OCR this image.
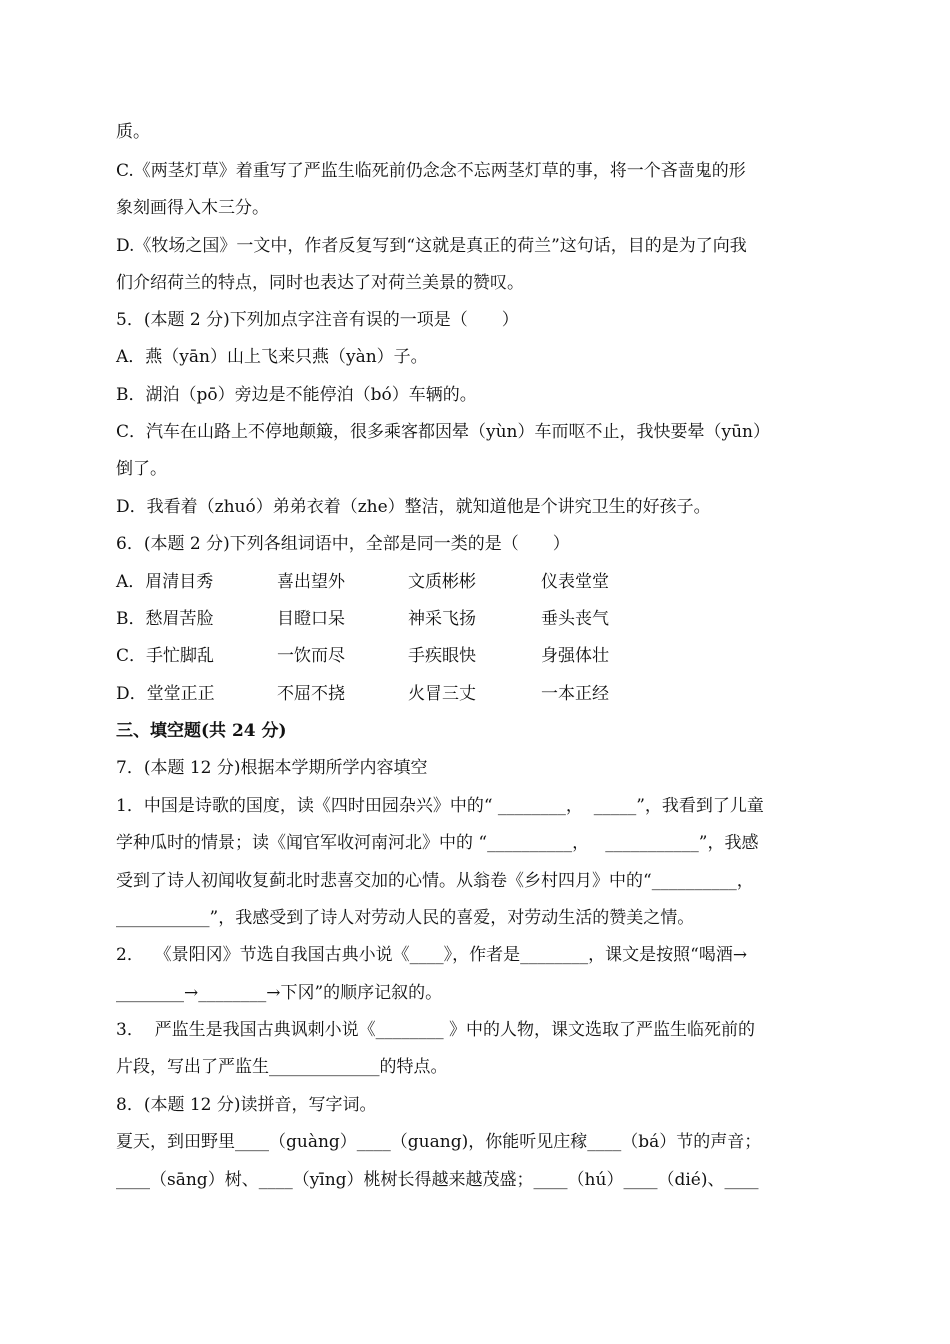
质。
C.《两茎灯草》着重写了严监生临死前仍念念不忘两茎灯草的事，将一个吝啬鬼的形
象刻画得入木三分。
D.《牧场之国》一文中，作者反复写到“这就是真正的荷兰”这句话，目的是为了向我
们介绍荷兰的特点，同时也表达了对荷兰美景的赞叹。
5．(本题 2 分)下列加点字注音有误的一项是（　　）
A．燕（yān）山上飞来只燕（yàn）子。
B．湖泊（pō）旁边是不能停泊（bó）车辆的。
C．汽车在山路上不停地颠簸，很多乘客都因晕（yùn）车而呕不止，我快要晕（yūn）
倒了。
D．我看着（zhuó）弟弟衣着（zhe）整洁，就知道他是个讲究卫生的好孩子。
6．(本题 2 分)下列各组词语中，全部是同一类的是（　　）
A．眉清目秀	喜出望外	文质彬彬	仪表堂堂
B．愁眉苦脸	目瞪口呆	神采飞扬	垂头丧气
C．手忙脚乱	一饮而尽	手疾眼快	身强体壮
D．堂堂正正	不屈不挠	火冒三丈	一本正经
三、填空题(共 24 分)
7．(本题 12 分)根据本学期所学内容填空
1．中国是诗歌的国度，读《四时田园杂兴》中的“ ________，  _____”，我看到了儿童
学种瓜时的情景；读《闻官军收河南河北》中的 “__________，   ___________”，我感
受到了诗人初闻收复蓟北时悲喜交加的心情。从翁卷《乡村四月》中的“__________，
___________”，我感受到了诗人对劳动人民的喜爱，对劳动生活的赞美之情。
2．  《景阳冈》节选自我国古典小说《____》，作者是________，课文是按照“喝酒→
________→________→下冈”的顺序记叙的。
3．  严监生是我国古典讽刺小说《________ 》中的人物，课文选取了严监生临死前的
片段，写出了严监生_____________的特点。
8．(本题 12 分)读拼音，写字词。
夏天，到田野里____（guàng）____（guang)，你能听见庄稼____（bá）节的声音；
____（sāng）树、____（yīng）桃树长得越来越茂盛；____（hú）____（dié)、____
